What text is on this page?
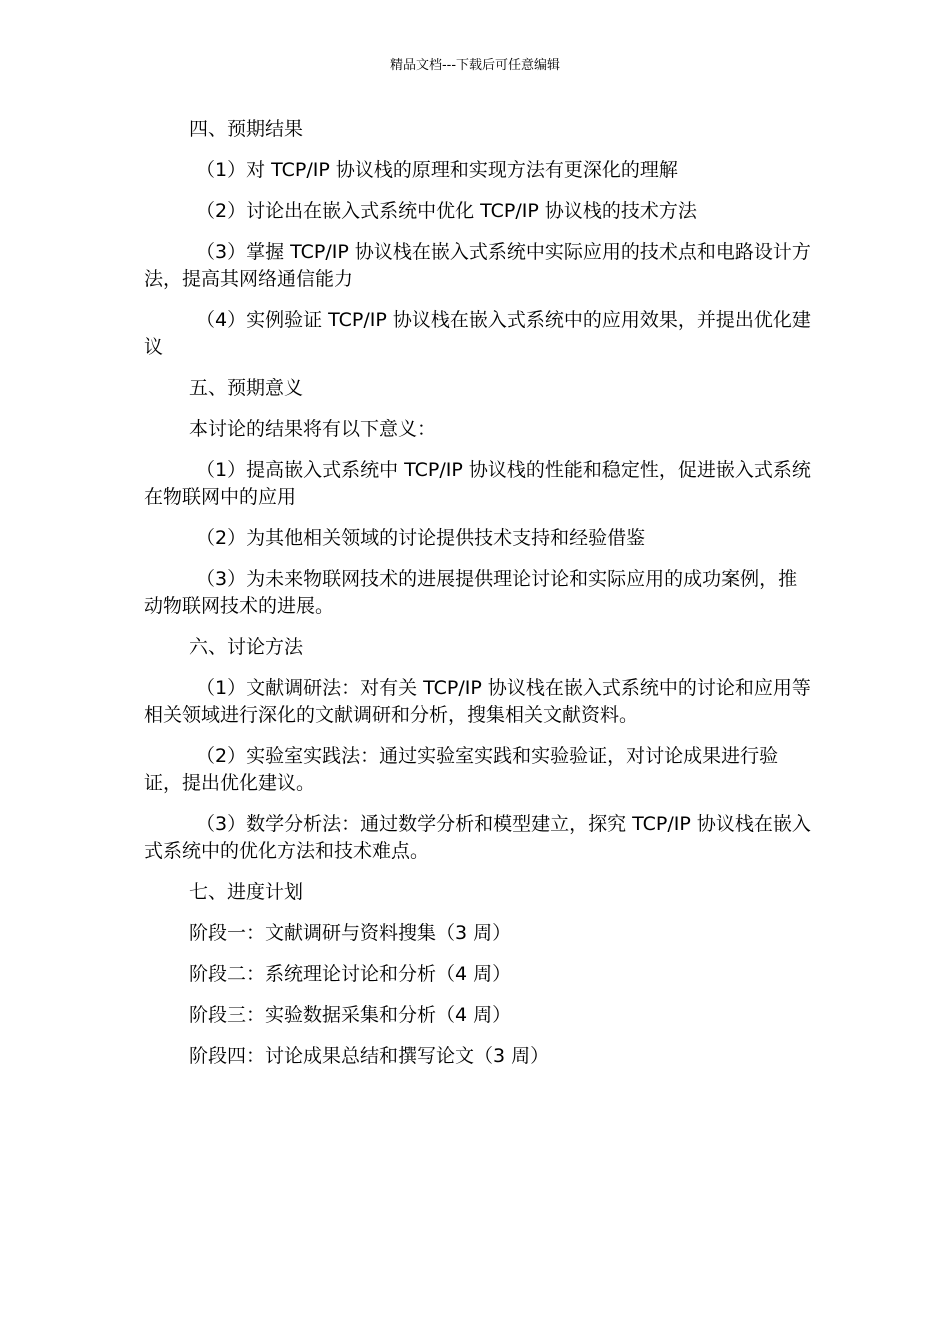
精品文档---下载后可任意编辑

四、预期结果

（1）对 TCP/IP 协议栈的原理和实现方法有更深化的理解

（2）讨论出在嵌入式系统中优化 TCP/IP 协议栈的技术方法

（3）掌握 TCP/IP 协议栈在嵌入式系统中实际应用的技术点和电路设计方法，提高其网络通信能力

（4）实例验证 TCP/IP 协议栈在嵌入式系统中的应用效果，并提出优化建议

五、预期意义

本讨论的结果将有以下意义：

（1）提高嵌入式系统中 TCP/IP 协议栈的性能和稳定性，促进嵌入式系统在物联网中的应用

（2）为其他相关领域的讨论提供技术支持和经验借鉴

（3）为未来物联网技术的进展提供理论讨论和实际应用的成功案例，推动物联网技术的进展。

六、讨论方法

（1）文献调研法：对有关 TCP/IP 协议栈在嵌入式系统中的讨论和应用等相关领域进行深化的文献调研和分析，搜集相关文献资料。

（2）实验室实践法：通过实验室实践和实验验证，对讨论成果进行验证，提出优化建议。

（3）数学分析法：通过数学分析和模型建立，探究 TCP/IP 协议栈在嵌入式系统中的优化方法和技术难点。

七、进度计划

阶段一：文献调研与资料搜集（3 周）

阶段二：系统理论讨论和分析（4 周）

阶段三：实验数据采集和分析（4 周）

阶段四：讨论成果总结和撰写论文（3 周）
